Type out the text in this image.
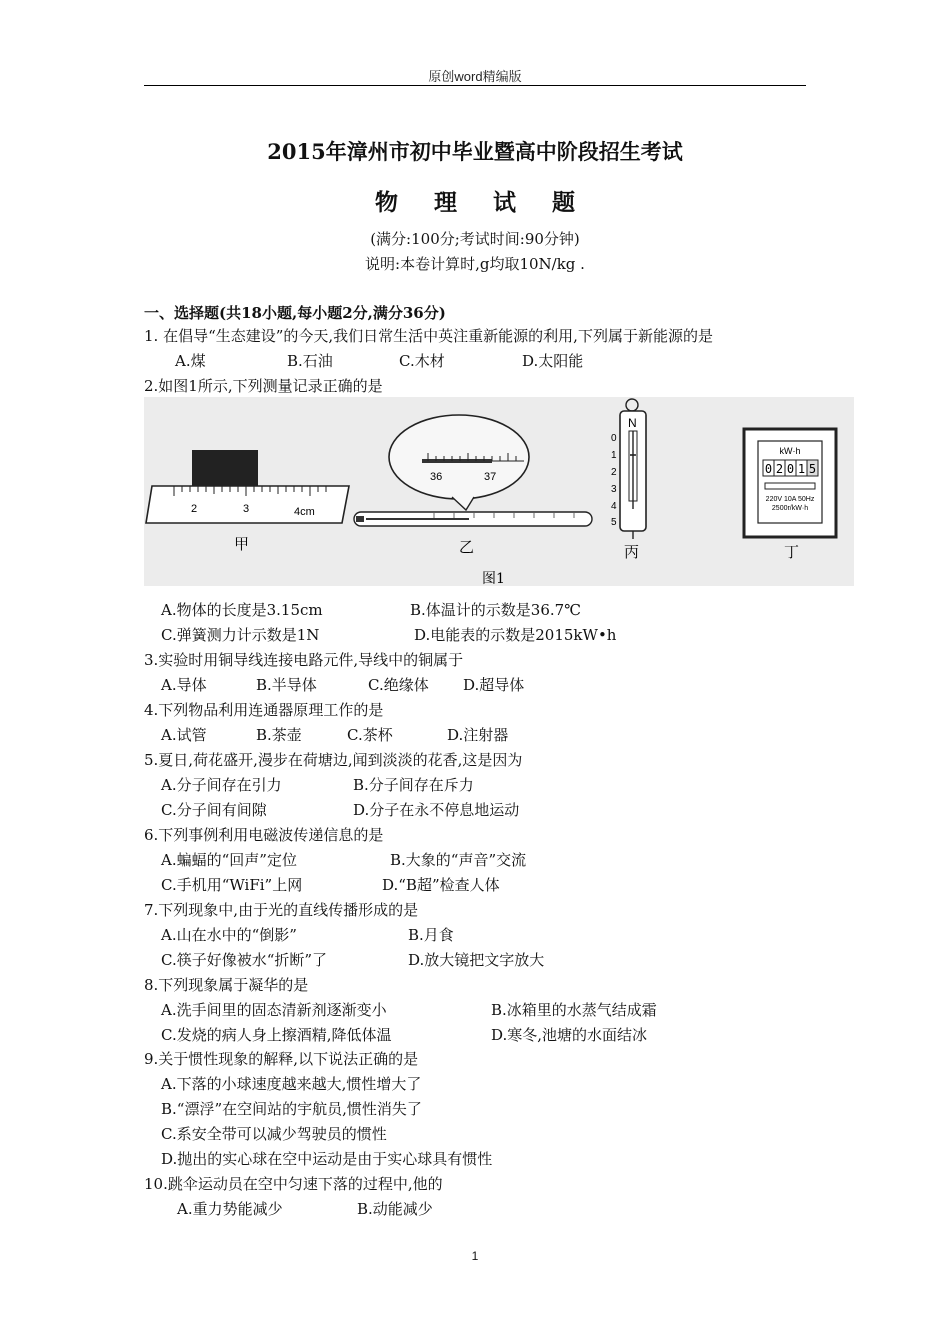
原创word精编版
2015年漳州市初中毕业暨高中阶段招生考试
物 理 试 题
(满分:100分;考试时间:90分钟)
说明:本卷计算时,g均取10N/kg .
一、选择题(共18小题,每小题2分,满分36分)
1. 在倡导“生态建设”的今天,我们日常生活中英注重新能源的利用,下列属于新能源的是
A.煤	B.石油	C.木材	D.太阳能
2.如图1所示,下列测量记录正确的是
2	3	4cm
甲
36	37
乙
图1
N
0
1
2
3
4
5
丙
kW·h
0 2 0 1 5
220V 10A 50Hz
2500r/kW·h
丁
A.物体的长度是3.15cm	B.体温计的示数是36.7℃
C.弹簧测力计示数是1N	D.电能表的示数是2015kW•h
3.实验时用铜导线连接电路元件,导线中的铜属于
A.导体	B.半导体	C.绝缘体 D.超导体
4.下列物品利用连通器原理工作的是
A.试管	B.茶壶	C.茶杯	D.注射器
5.夏日,荷花盛开,漫步在荷塘边,闻到淡淡的花香,这是因为
A.分子间存在引力	B.分子间存在斥力
C.分子间有间隙	D.分子在永不停息地运动
6.下列事例利用电磁波传递信息的是
A.蝙蝠的“回声”定位	B.大象的“声音”交流
C.手机用“WiFi”上网	D.“B超”检查人体
7.下列现象中,由于光的直线传播形成的是
A.山在水中的“倒影”	B.月食
C.筷子好像被水“折断”了	D.放大镜把文字放大
8.下列现象属于凝华的是
A.洗手间里的固态清新剂逐渐变小	B.冰箱里的水蒸气结成霜
C.发烧的病人身上擦酒精,降低体温	D.寒冬,池塘的水面结冰
9.关于惯性现象的解释,以下说法正确的是
A.下落的小球速度越来越大,惯性增大了
B.“漂浮”在空间站的宇航员,惯性消失了
C.系安全带可以减少驾驶员的惯性
D.抛出的实心球在空中运动是由于实心球具有惯性
10.跳伞运动员在空中匀速下落的过程中,他的
A.重力势能减少	B.动能减少
1
